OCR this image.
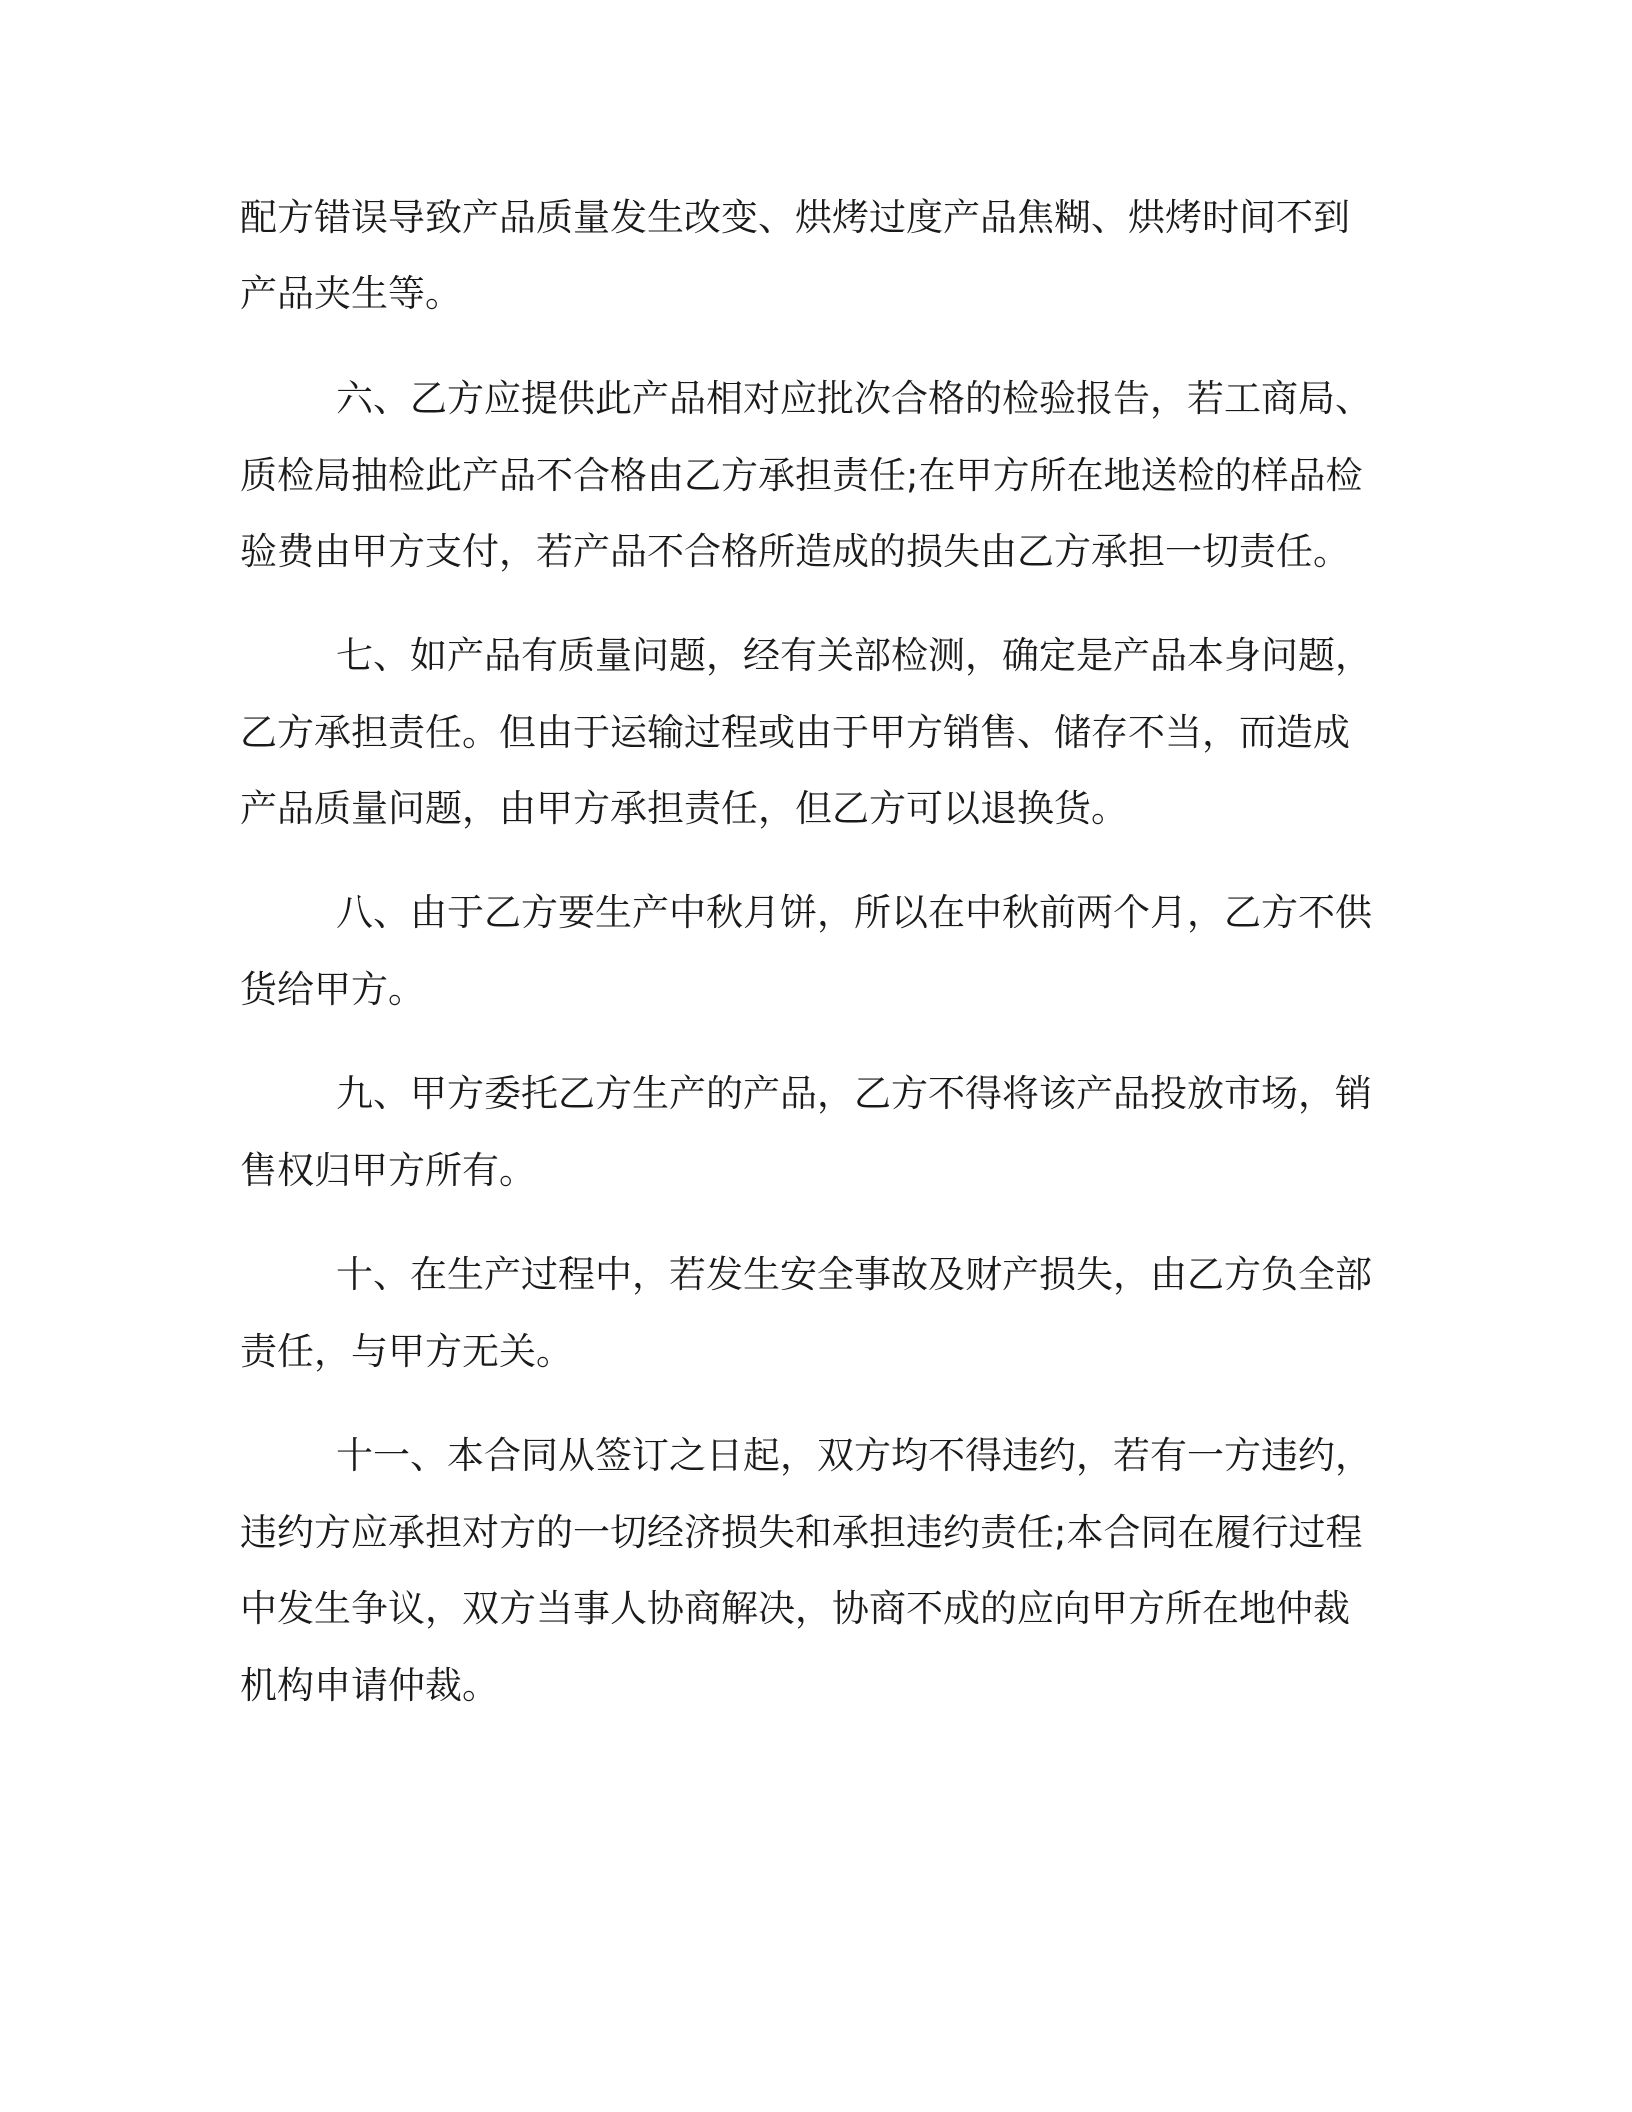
配方错误导致产品质量发生改变、烘烤过度产品焦糊、烘烤时间不到

产品夹生等。

六、乙方应提供此产品相对应批次合格的检验报告，若工商局、

质检局抽检此产品不合格由乙方承担责任;在甲方所在地送检的样品检

验费由甲方支付，若产品不合格所造成的损失由乙方承担一切责任。

七、如产品有质量问题，经有关部检测，确定是产品本身问题，

乙方承担责任。但由于运输过程或由于甲方销售、储存不当，而造成

产品质量问题，由甲方承担责任，但乙方可以退换货。

八、由于乙方要生产中秋月饼，所以在中秋前两个月，乙方不供

货给甲方。

九、甲方委托乙方生产的产品，乙方不得将该产品投放市场，销

售权归甲方所有。

十、在生产过程中，若发生安全事故及财产损失，由乙方负全部

责任，与甲方无关。

十一、本合同从签订之日起，双方均不得违约，若有一方违约，

违约方应承担对方的一切经济损失和承担违约责任;本合同在履行过程

中发生争议，双方当事人协商解决，协商不成的应向甲方所在地仲裁

机构申请仲裁。
